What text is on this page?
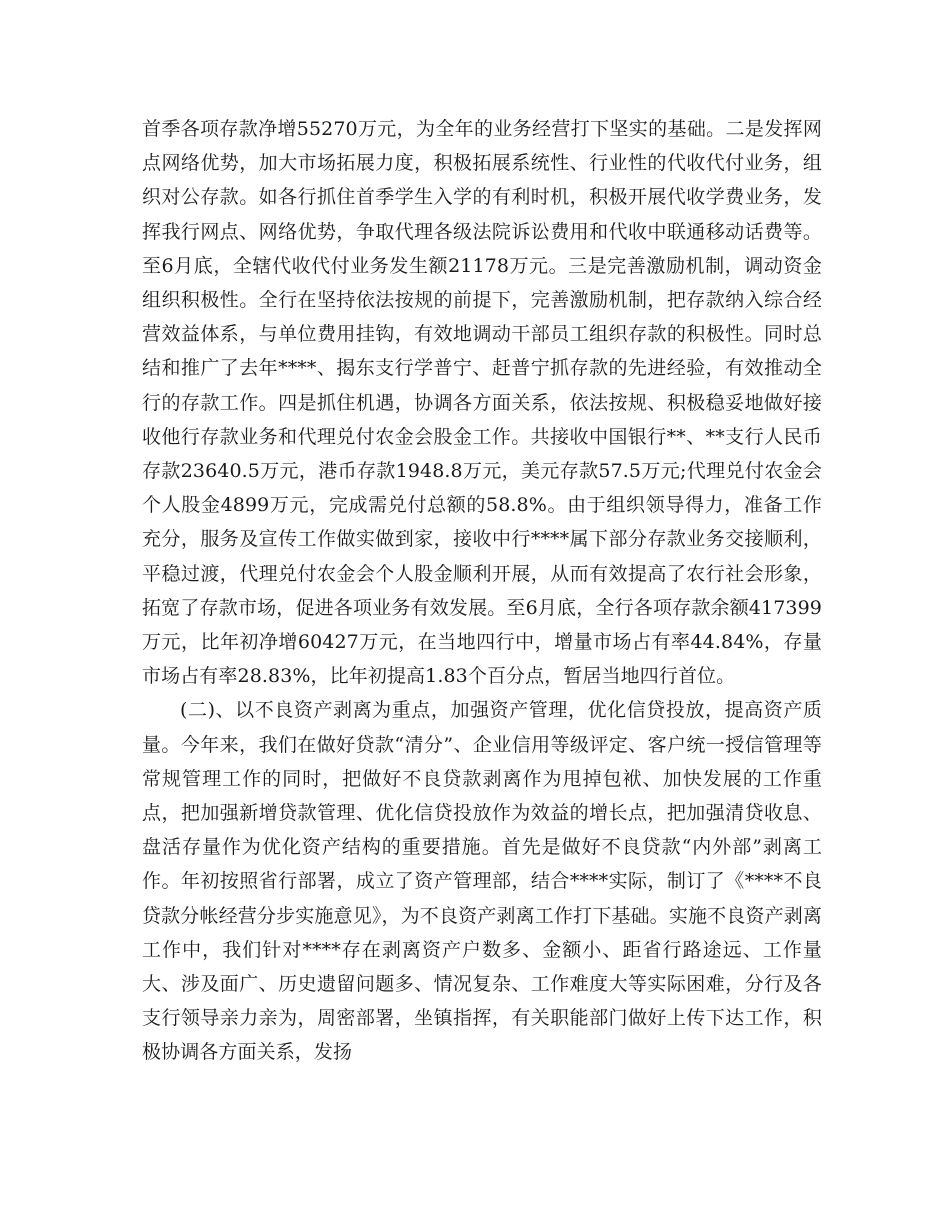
首季各项存款净增55270万元，为全年的业务经营打下坚实的基础。二是发挥网点网络优势，加大市场拓展力度，积极拓展系统性、行业性的代收代付业务，组织对公存款。如各行抓住首季学生入学的有利时机，积极开展代收学费业务，发挥我行网点、网络优势，争取代理各级法院诉讼费用和代收中联通移动话费等。至6月底，全辖代收代付业务发生额21178万元。三是完善激励机制，调动资金组织积极性。全行在坚持依法按规的前提下，完善激励机制，把存款纳入综合经营效益体系，与单位费用挂钩，有效地调动干部员工组织存款的积极性。同时总结和推广了去年****、揭东支行学普宁、赶普宁抓存款的先进经验，有效推动全行的存款工作。四是抓住机遇，协调各方面关系，依法按规、积极稳妥地做好接收他行存款业务和代理兑付农金会股金工作。共接收中国银行**、**支行人民币存款23640.5万元，港币存款1948.8万元，美元存款57.5万元;代理兑付农金会个人股金4899万元，完成需兑付总额的58.8%。由于组织领导得力，准备工作充分，服务及宣传工作做实做到家，接收中行****属下部分存款业务交接顺利，平稳过渡，代理兑付农金会个人股金顺利开展，从而有效提高了农行社会形象，拓宽了存款市场，促进各项业务有效发展。至6月底，全行各项存款余额417399万元，比年初净增60427万元，在当地四行中，增量市场占有率44.84%，存量市场占有率28.83%，比年初提高1.83个百分点，暂居当地四行首位。

(二)、以不良资产剥离为重点，加强资产管理，优化信贷投放，提高资产质量。今年来，我们在做好贷款“清分”、企业信用等级评定、客户统一授信管理等常规管理工作的同时，把做好不良贷款剥离作为甩掉包袱、加快发展的工作重点，把加强新增贷款管理、优化信贷投放作为效益的增长点，把加强清贷收息、盘活存量作为优化资产结构的重要措施。首先是做好不良贷款“内外部”剥离工作。年初按照省行部署，成立了资产管理部，结合****实际，制订了《****不良贷款分帐经营分步实施意见》，为不良资产剥离工作打下基础。实施不良资产剥离工作中，我们针对****存在剥离资产户数多、金额小、距省行路途远、工作量大、涉及面广、历史遗留问题多、情况复杂、工作难度大等实际困难，分行及各支行领导亲力亲为，周密部署，坐镇指挥，有关职能部门做好上传下达工作，积极协调各方面关系，发扬
